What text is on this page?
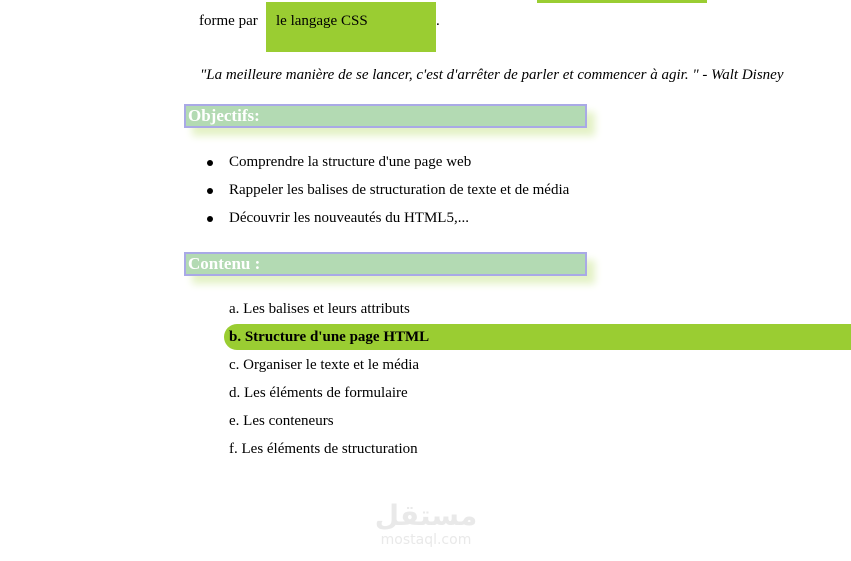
forme par	le langage CSS	.
"La meilleure manière de se lancer, c'est d'arrêter de parler et commencer à agir. " - Walt Disney
Objectifs:
Comprendre la structure d'une page web
Rappeler les balises de structuration de texte et de média
Découvrir les nouveautés du HTML5,...
Contenu :
a. Les balises et leurs attributs
b. Structure d'une page HTML
c. Organiser le texte et le média
d. Les éléments de formulaire
e. Les conteneurs
f. Les éléments de structuration
مستقل
mostaql.com
